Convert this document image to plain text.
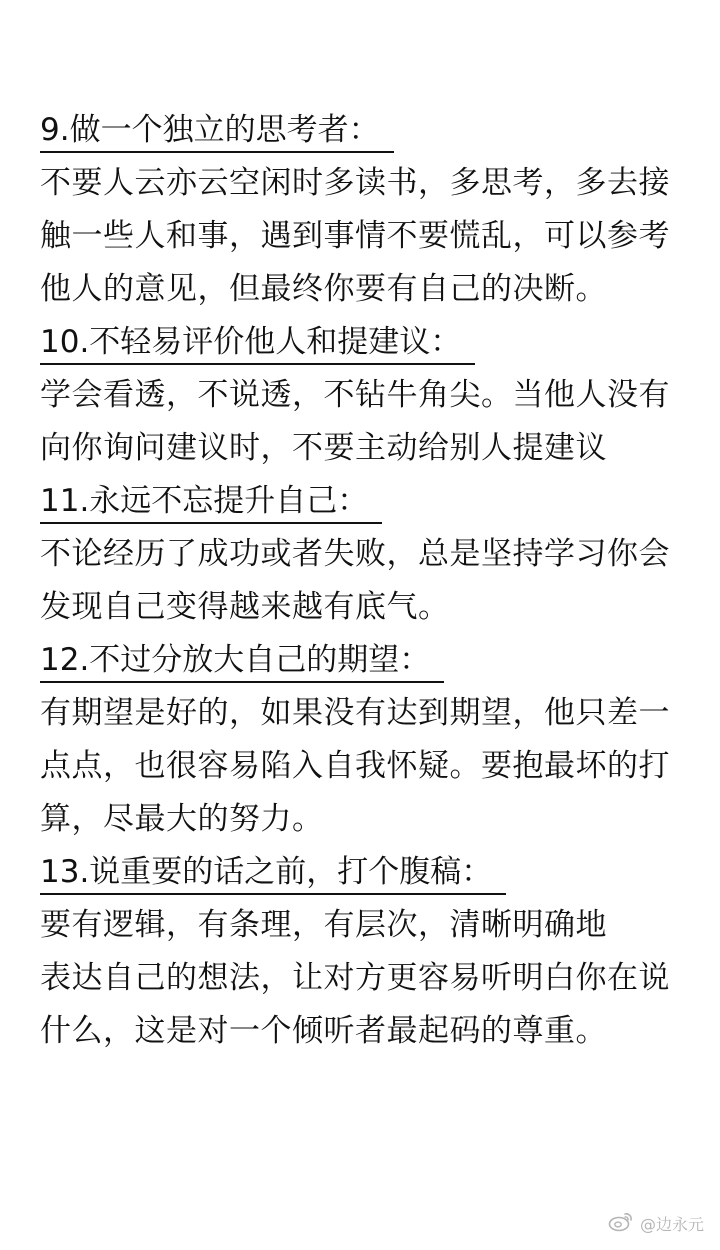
9.做一个独立的思考者：
不要人云亦云空闲时多读书，多思考，多去接
触一些人和事，遇到事情不要慌乱，可以参考
他人的意见，但最终你要有自己的决断。
10.不轻易评价他人和提建议：
学会看透，不说透，不钻牛角尖。当他人没有
向你询问建议时，不要主动给别人提建议
11.永远不忘提升自己：
不论经历了成功或者失败，总是坚持学习你会
发现自己变得越来越有底气。
12.不过分放大自己的期望：
有期望是好的，如果没有达到期望，他只差一
点点，也很容易陷入自我怀疑。要抱最坏的打
算，尽最大的努力。
13.说重要的话之前，打个腹稿：
要有逻辑，有条理，有层次，清晰明确地
表达自己的想法，让对方更容易听明白你在说
什么，这是对一个倾听者最起码的尊重。
@边永元
